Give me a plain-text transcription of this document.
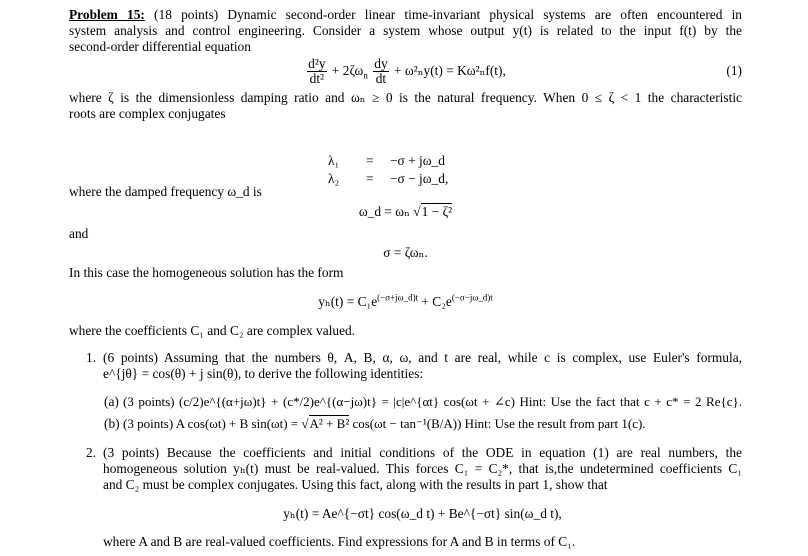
Problem 15: (18 points) Dynamic second-order linear time-invariant physical systems are often encountered in
system analysis and control engineering. Consider a system whose output y(t) is related to the input f(t) by the
second-order differential equation
$\frac{\text{d²y}}{\text{dt²}} + 2\zeta\omega_n \frac{dy}{dt} + \omega^2_ny(t) = K\omega^2_nf(t)$,	(1)
where ζ is the dimensionless damping ratio and ωₙ ≥ 0 is the natural frequency. When 0 ≤ ζ < 1 the characteristic
roots are complex conjugates
λ₁ = −σ + jω_d
λ₂ = −σ − jω_d,
where the damped frequency ω_d is
ω_d = ωₙ √1 − ζ²
and
σ = ζωₙ.
In this case the homogeneous solution has the form
$y_h(t) = C_1e^{(-\sigma+j\omega\_d)t} + C_2e^{(-\sigma-j\omega\_d)t}$
where the coefficients C₁ and C₂ are complex valued.
1. (6 points) Assuming that the numbers θ, A, B, α, ω, and t are real, while c is complex, use Euler's formula,
e^{jθ} = cos(θ) + j sin(θ), to derive the following identities:
(a) (3 points) (c/2)e^{(α+jω)t} + (c*/2)e^{(α−jω)t} = |c|e^{αt} cos(ωt + ∠c) Hint: Use the fact that c + c* = 2 Re{c}.
(b) (3 points) A cos(ωt) + B sin(ωt) = √A² + B² cos(ωt − tan⁻¹(B/A)) Hint: Use the result from part 1(c).
2. (3 points) Because the coefficients and initial conditions of the ODE in equation (1) are real numbers, the
homogeneous solution yₕ(t) must be real-valued. This forces C₁ = C₂*, that is,the undetermined coefficients C₁
and C₂ must be complex conjugates. Using this fact, along with the results in part 1, show that
yₕ(t) = Ae^{−σt} cos(ω_d t) + Be^{−σt} sin(ω_d t),
where A and B are real-valued coefficients. Find expressions for A and B in terms of C₁.
